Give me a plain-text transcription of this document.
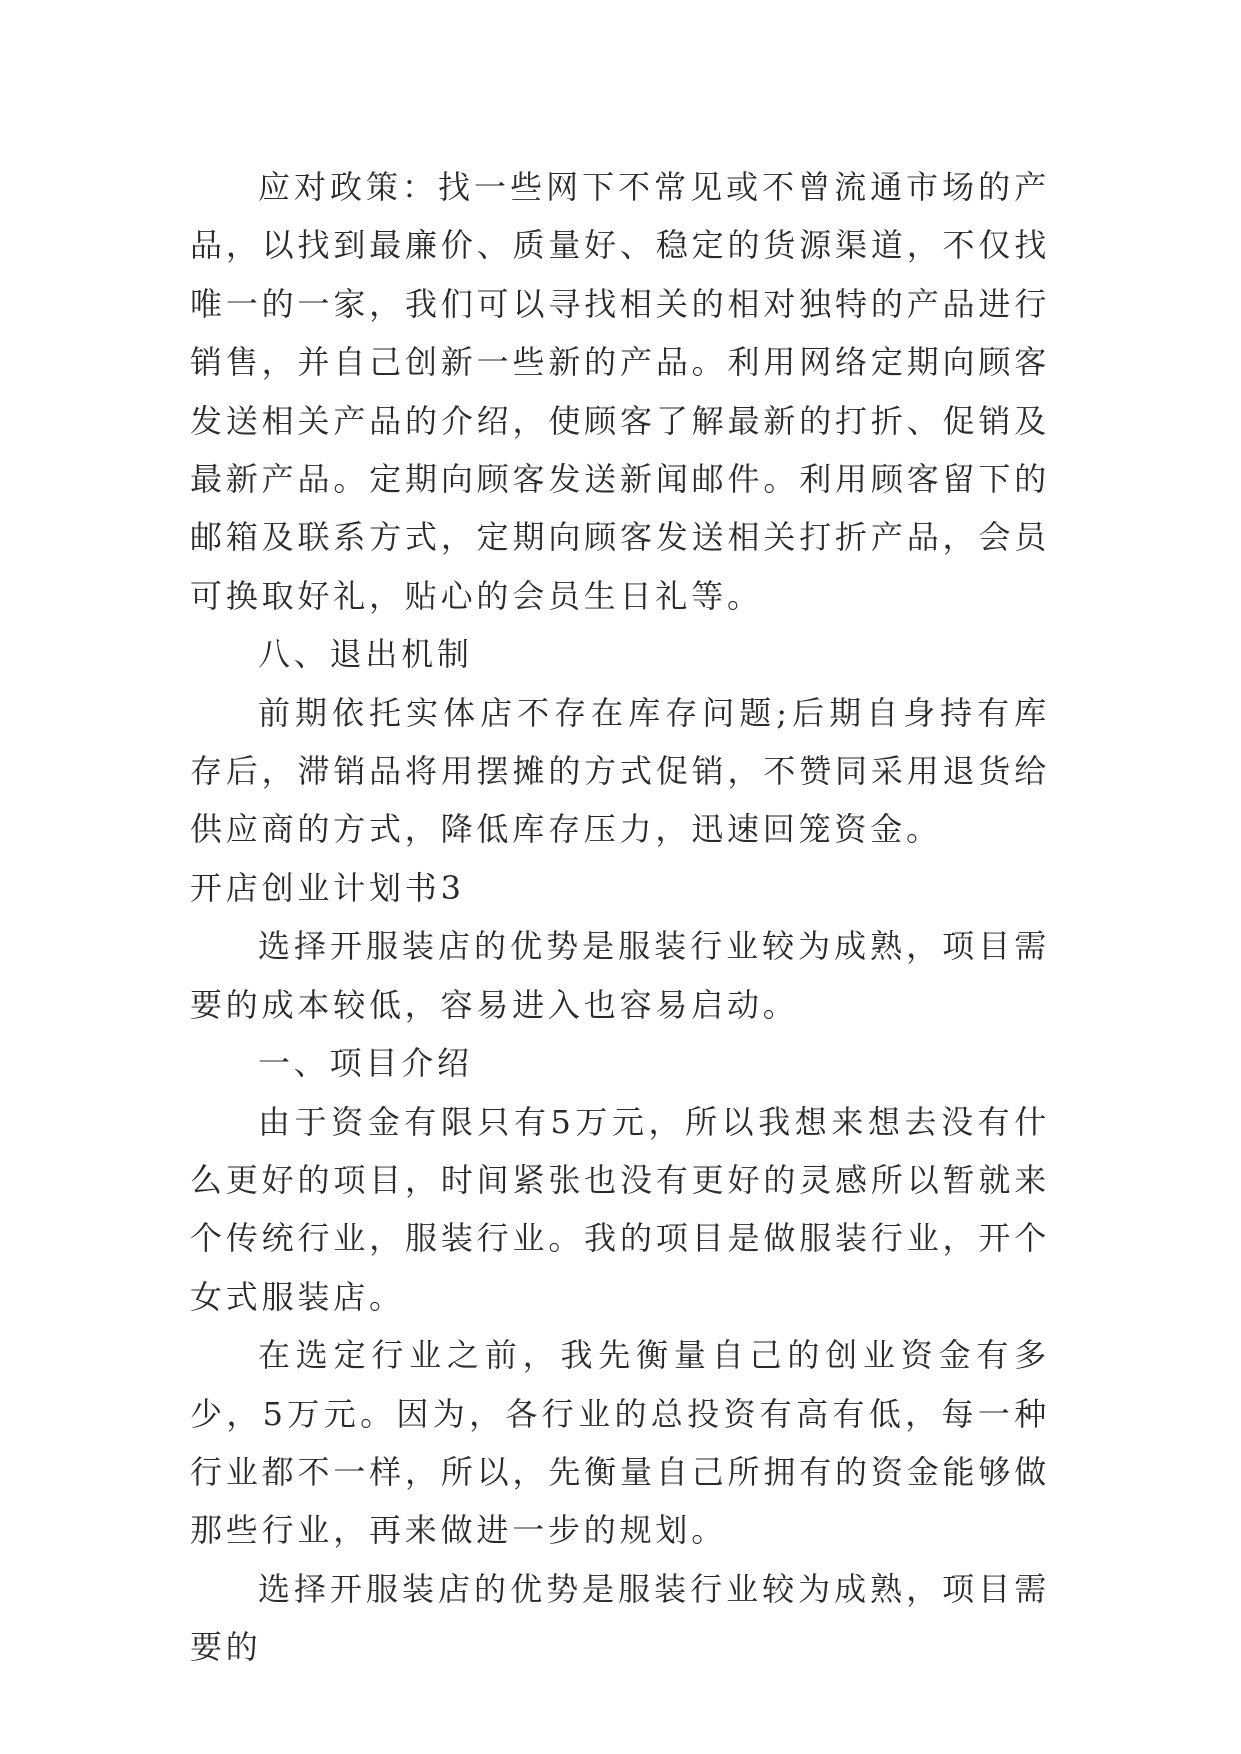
应对政策：找一些网下不常见或不曾流通市场的产品，以找到最廉价、质量好、稳定的货源渠道，不仅找唯一的一家，我们可以寻找相关的相对独特的产品进行销售，并自己创新一些新的产品。利用网络定期向顾客发送相关产品的介绍，使顾客了解最新的打折、促销及最新产品。定期向顾客发送新闻邮件。利用顾客留下的邮箱及联系方式，定期向顾客发送相关打折产品，会员可换取好礼，贴心的会员生日礼等。

八、退出机制

前期依托实体店不存在库存问题;后期自身持有库存后，滞销品将用摆摊的方式促销，不赞同采用退货给供应商的方式，降低库存压力，迅速回笼资金。

开店创业计划书3

选择开服装店的优势是服装行业较为成熟，项目需要的成本较低，容易进入也容易启动。

一、项目介绍

由于资金有限只有5万元，所以我想来想去没有什么更好的项目，时间紧张也没有更好的灵感所以暂就来个传统行业，服装行业。我的项目是做服装行业，开个女式服装店。

在选定行业之前，我先衡量自己的创业资金有多少，5万元。因为，各行业的总投资有高有低，每一种行业都不一样，所以，先衡量自己所拥有的资金能够做那些行业，再来做进一步的规划。

选择开服装店的优势是服装行业较为成熟，项目需要的
